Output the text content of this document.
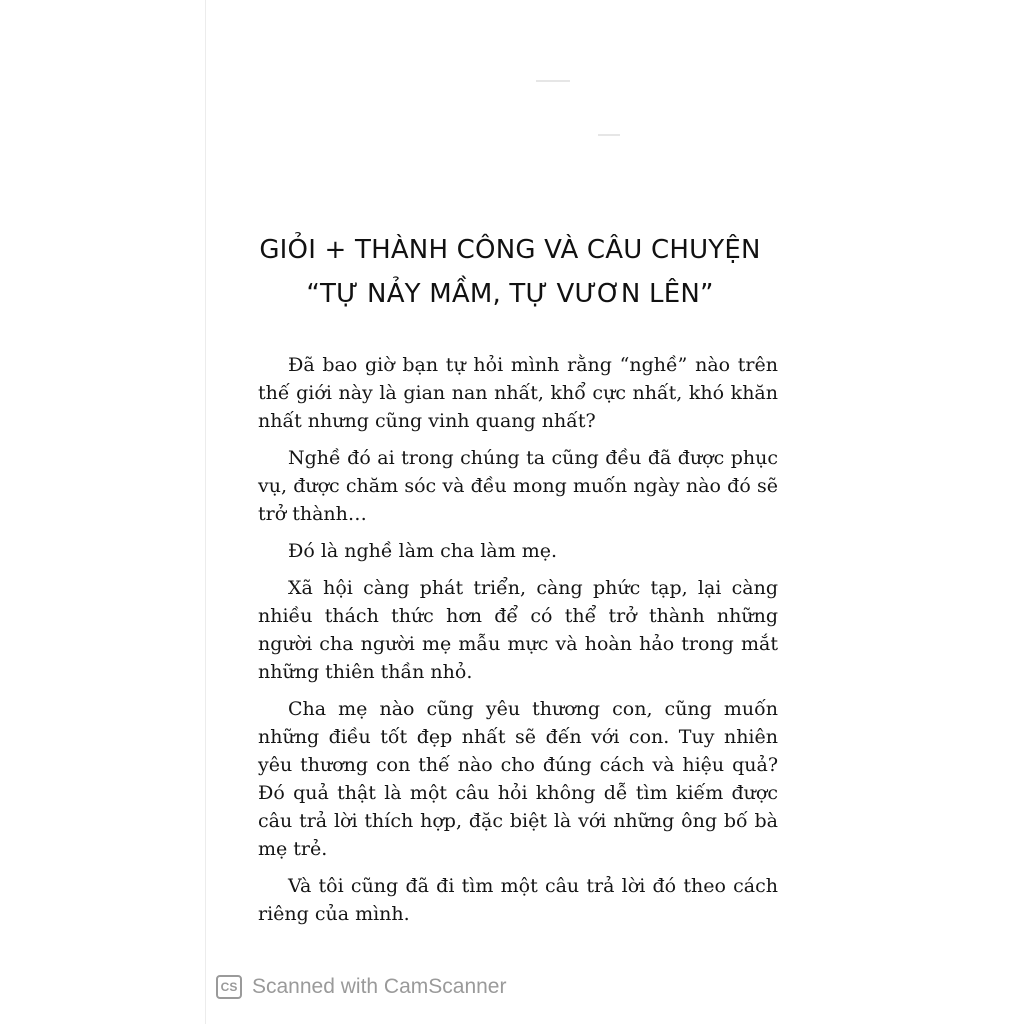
GIỎI + THÀNH CÔNG VÀ CÂU CHUYỆN
“TỰ NẢY MẦM, TỰ VƯƠN LÊN”

Đã bao giờ bạn tự hỏi mình rằng “nghề” nào trên thế giới này là gian nan nhất, khổ cực nhất, khó khăn nhất nhưng cũng vinh quang nhất?

Nghề đó ai trong chúng ta cũng đều đã được phục vụ, được chăm sóc và đều mong muốn ngày nào đó sẽ trở thành…

Đó là nghề làm cha làm mẹ.

Xã hội càng phát triển, càng phức tạp, lại càng nhiều thách thức hơn để có thể trở thành những người cha người mẹ mẫu mực và hoàn hảo trong mắt những thiên thần nhỏ.

Cha mẹ nào cũng yêu thương con, cũng muốn những điều tốt đẹp nhất sẽ đến với con. Tuy nhiên yêu thương con thế nào cho đúng cách và hiệu quả? Đó quả thật là một câu hỏi không dễ tìm kiếm được câu trả lời thích hợp, đặc biệt là với những ông bố bà mẹ trẻ.

Và tôi cũng đã đi tìm một câu trả lời đó theo cách riêng của mình.

CS Scanned with CamScanner
